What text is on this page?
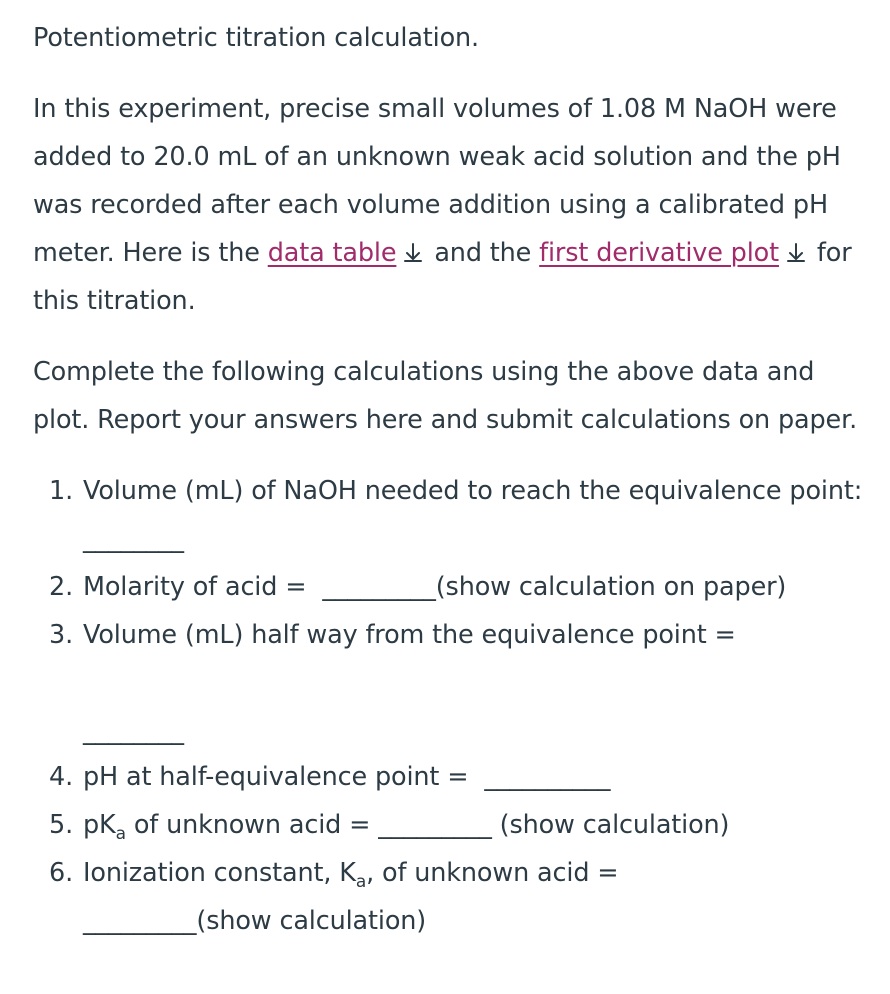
Potentiometric titration calculation.

In this experiment, precise small volumes of 1.08 M NaOH were added to 20.0 mL of an unknown weak acid solution and the pH was recorded after each volume addition using a calibrated pH meter. Here is the data table
and the first derivative plot
for this titration.

Complete the following calculations using the above data and plot. Report your answers here and submit calculations on paper.

1. Volume (mL) of NaOH needed to reach the equivalence point: ________
2. Molarity of acid =  _________(show calculation on paper)
3. Volume (mL) half way from the equivalence point =
________
4. pH at half-equivalence point =  __________
5. $pK_a$ of unknown acid = _________ (show calculation)
6. Ionization constant, $K_a$, of unknown acid =
_________(show calculation)
